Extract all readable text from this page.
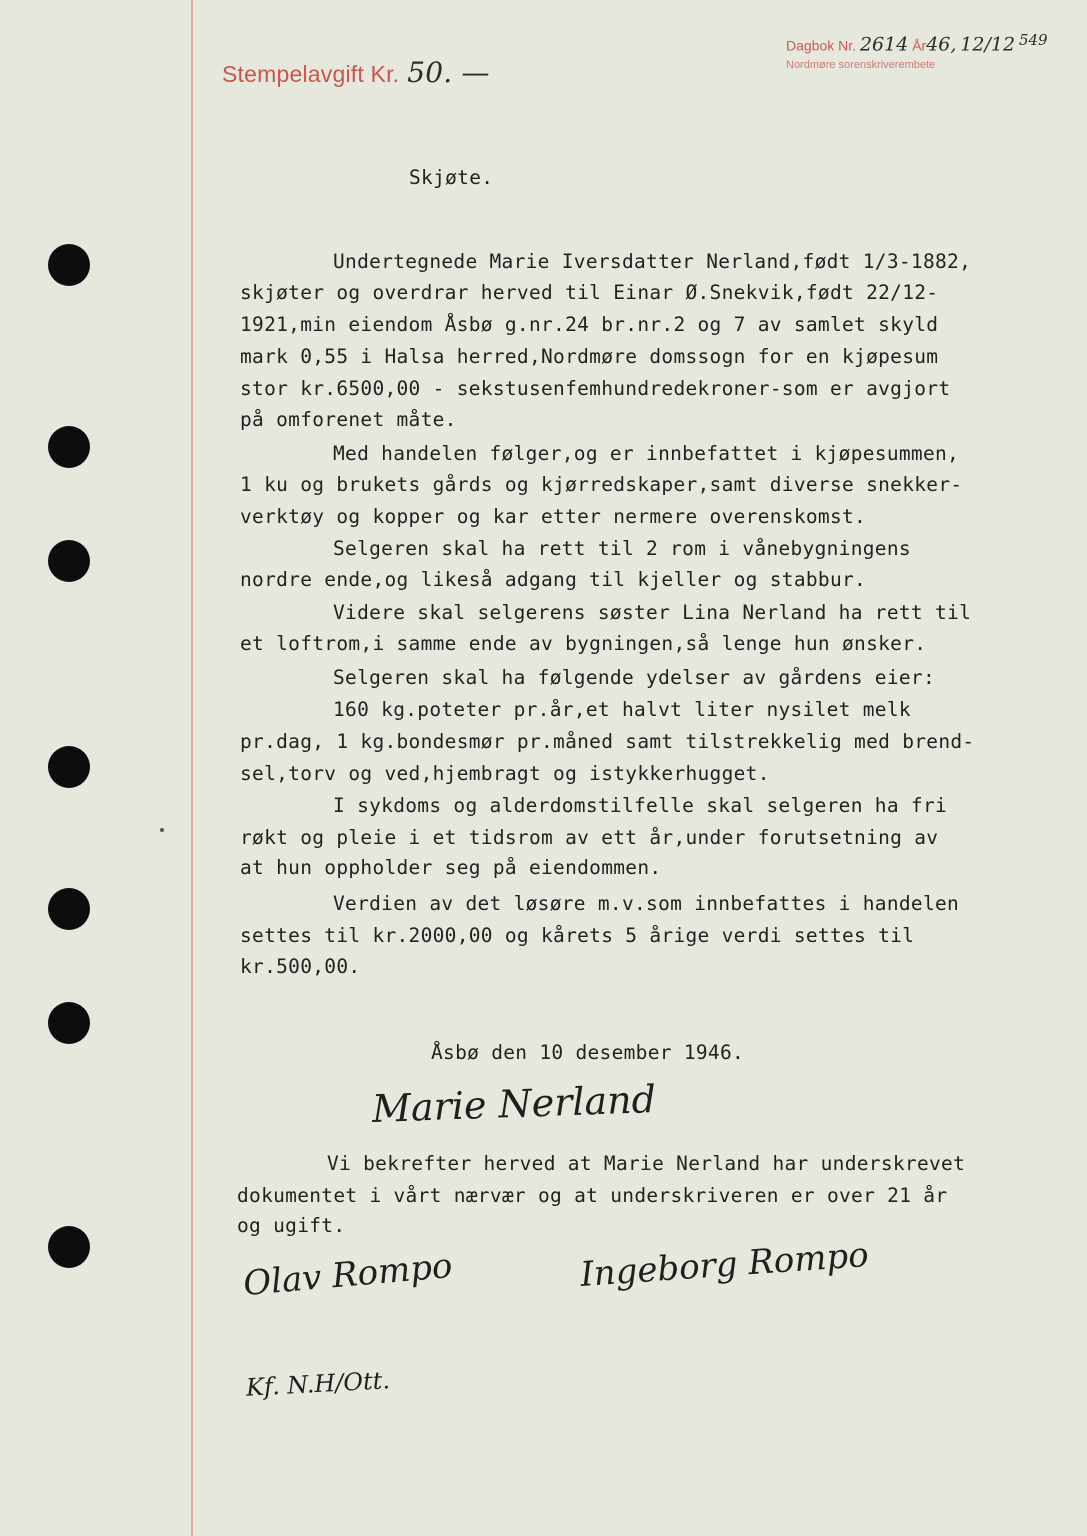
Stempelavgift Kr. 50. —
Dagbok Nr. 2614 År46, 12/12 549
Nordmøre sorenskriverembete
Skjøte.
Undertegnede Marie Iversdatter Nerland,født 1/3-1882,
skjøter og overdrar herved til Einar Ø.Snekvik,født 22/12-
1921,min eiendom Åsbø g.nr.24 br.nr.2 og 7 av samlet skyld
mark 0,55 i Halsa herred,Nordmøre domssogn for en kjøpesum
stor kr.6500,00 - sekstusenfemhundredekroner-som er avgjort
på omforenet måte.
Med handelen følger,og er innbefattet i kjøpesummen,
1 ku og brukets gårds og kjørredskaper,samt diverse snekker-
verktøy og kopper og kar etter nermere overenskomst.
Selgeren skal ha rett til 2 rom i vånebygningens
nordre ende,og likeså adgang til kjeller og stabbur.
Videre skal selgerens søster Lina Nerland ha rett til
et loftrom,i samme ende av bygningen,så lenge hun ønsker.
Selgeren skal ha følgende ydelser av gårdens eier:
160 kg.poteter pr.år,et halvt liter nysilet melk
pr.dag, 1 kg.bondesmør pr.måned samt tilstrekkelig med brend-
sel,torv og ved,hjembragt og istykkerhugget.
I sykdoms og alderdomstilfelle skal selgeren ha fri
røkt og pleie i et tidsrom av ett år,under forutsetning av
at hun oppholder seg på eiendommen.
Verdien av det løsøre m.v.som innbefattes i handelen
settes til kr.2000,00 og kårets 5 årige verdi settes til
kr.500,00.
Åsbø den 10 desember 1946.
Marie Nerland
Vi bekrefter herved at Marie Nerland har underskrevet
dokumentet i vårt nærvær og at underskriveren er over 21 år
og ugift.
Olav Rompo	Ingeborg Rompo
Kf. N.H/Ott.
